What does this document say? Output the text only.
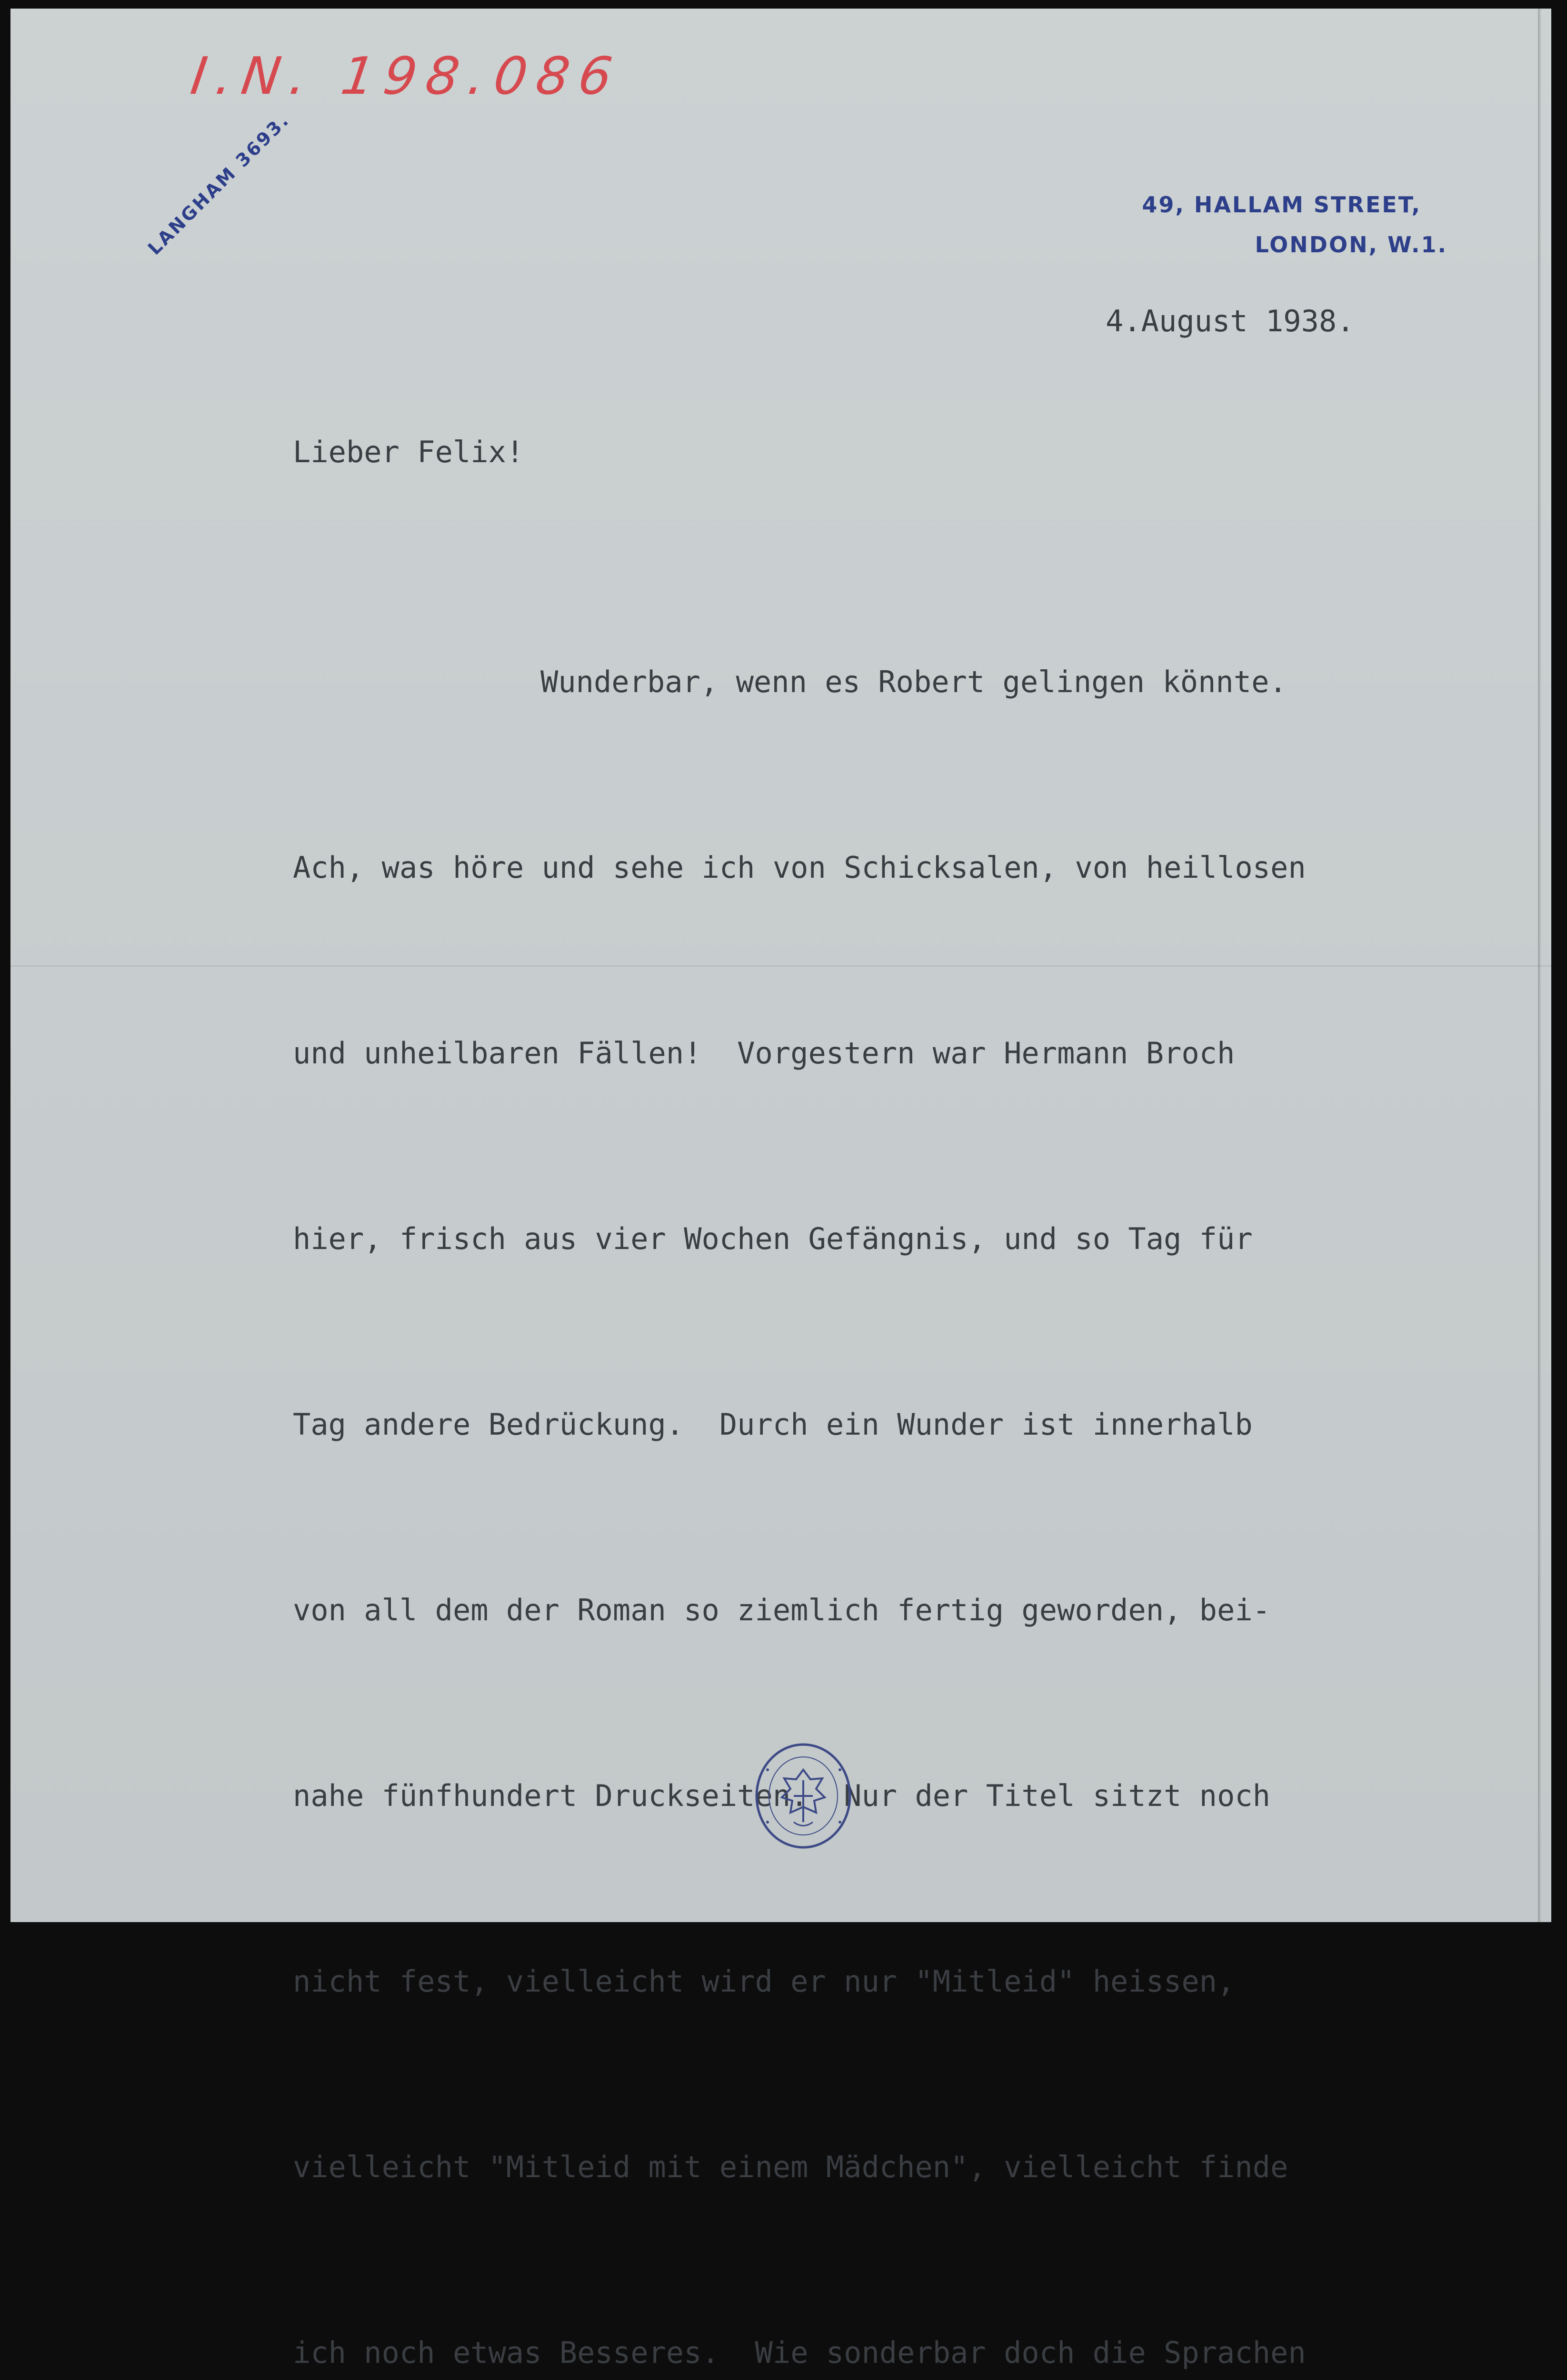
I.N. 198.086
LANGHAM 3693.	49, HALLAM STREET,
LONDON, W.1.
4.August 1938.
Lieber Felix!

Wunderbar, wenn es Robert gelingen könnte.

Ach, was höre und sehe ich von Schicksalen, von heillosen

und unheilbaren Fällen!  Vorgestern war Hermann Broch

hier, frisch aus vier Wochen Gefängnis, und so Tag für

Tag andere Bedrückung.  Durch ein Wunder ist innerhalb

von all dem der Roman so ziemlich fertig geworden, bei-

nahe fünfhundert Druckseiten.  Nur der Titel sitzt noch

nicht fest, vielleicht wird er nur "Mitleid" heissen,

vielleicht "Mitleid mit einem Mädchen", vielleicht finde

ich noch etwas Besseres.  Wie sonderbar doch die Sprachen
